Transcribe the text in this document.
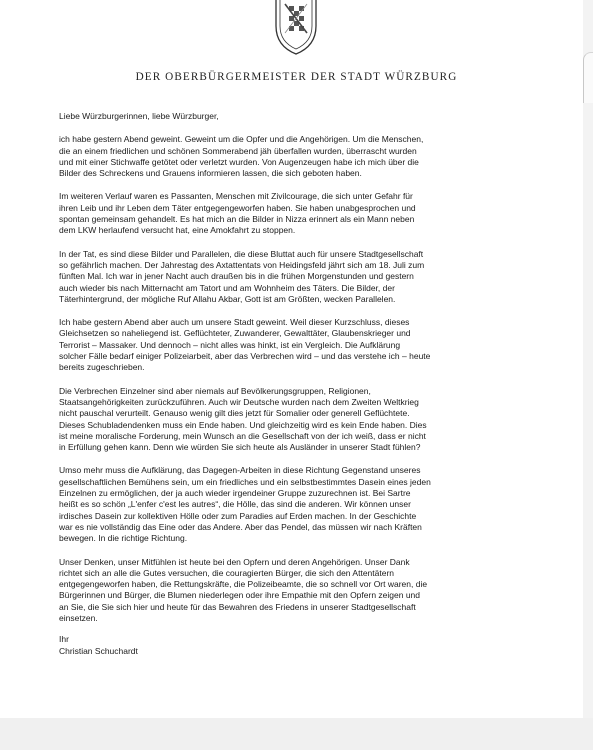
DER OBERBÜRGERMEISTER DER STADT WÜRZBURG

Liebe Würzburgerinnen, liebe Würzburger,

ich habe gestern Abend geweint. Geweint um die Opfer und die Angehörigen. Um die Menschen,
die an einem friedlichen und schönen Sommerabend jäh überfallen wurden, überrascht wurden
und mit einer Stichwaffe getötet oder verletzt wurden. Von Augenzeugen habe ich mich über die
Bilder des Schreckens und Grauens informieren lassen, die sich geboten haben.

Im weiteren Verlauf waren es Passanten, Menschen mit Zivilcourage, die sich unter Gefahr für
ihren Leib und ihr Leben dem Täter entgegengeworfen haben. Sie haben unabgesprochen und
spontan gemeinsam gehandelt. Es hat mich an die Bilder in Nizza erinnert als ein Mann neben
dem LKW herlaufend versucht hat, eine Amokfahrt zu stoppen.

In der Tat, es sind diese Bilder und Parallelen, die diese Bluttat auch für unsere Stadtgesellschaft
so gefährlich machen. Der Jahrestag des Axtattentats von Heidingsfeld jährt sich am 18. Juli zum
fünften Mal. Ich war in jener Nacht auch draußen bis in die frühen Morgenstunden und gestern
auch wieder bis nach Mitternacht am Tatort und am Wohnheim des Täters. Die Bilder, der
Täterhintergrund, der mögliche Ruf Allahu Akbar, Gott ist am Größten, wecken Parallelen.

Ich habe gestern Abend aber auch um unsere Stadt geweint. Weil dieser Kurzschluss, dieses
Gleichsetzen so naheliegend ist. Geflüchteter, Zuwanderer, Gewalttäter, Glaubenskrieger und
Terrorist – Massaker. Und dennoch – nicht alles was hinkt, ist ein Vergleich. Die Aufklärung
solcher Fälle bedarf einiger Polizeiarbeit, aber das Verbrechen wird – und das verstehe ich – heute
bereits zugeschrieben.

Die Verbrechen Einzelner sind aber niemals auf Bevölkerungsgruppen, Religionen,
Staatsangehörigkeiten zurückzuführen. Auch wir Deutsche wurden nach dem Zweiten Weltkrieg
nicht pauschal verurteilt. Genauso wenig gilt dies jetzt für Somalier oder generell Geflüchtete.
Dieses Schubladendenken muss ein Ende haben. Und gleichzeitig wird es kein Ende haben. Dies
ist meine moralische Forderung, mein Wunsch an die Gesellschaft von der ich weiß, dass er nicht
in Erfüllung gehen kann. Denn wie würden Sie sich heute als Ausländer in unserer Stadt fühlen?

Umso mehr muss die Aufklärung, das Dagegen-Arbeiten in diese Richtung Gegenstand unseres
gesellschaftlichen Bemühens sein, um ein friedliches und ein selbstbestimmtes Dasein eines jeden
Einzelnen zu ermöglichen, der ja auch wieder irgendeiner Gruppe zuzurechnen ist. Bei Sartre
heißt es so schön „L'enfer c'est les autres“, die Hölle, das sind die anderen. Wir können unser
irdisches Dasein zur kollektiven Hölle oder zum Paradies auf Erden machen. In der Geschichte
war es nie vollständig das Eine oder das Andere. Aber das Pendel, das müssen wir nach Kräften
bewegen. In die richtige Richtung.

Unser Denken, unser Mitfühlen ist heute bei den Opfern und deren Angehörigen. Unser Dank
richtet sich an alle die Gutes versuchen, die couragierten Bürger, die sich den Attentätern
entgegengeworfen haben, die Rettungskräfte, die Polizeibeamte, die so schnell vor Ort waren, die
Bürgerinnen und Bürger, die Blumen niederlegen oder ihre Empathie mit den Opfern zeigen und
an Sie, die Sie sich hier und heute für das Bewahren des Friedens in unserer Stadtgesellschaft
einsetzen.

Ihr
Christian Schuchardt
